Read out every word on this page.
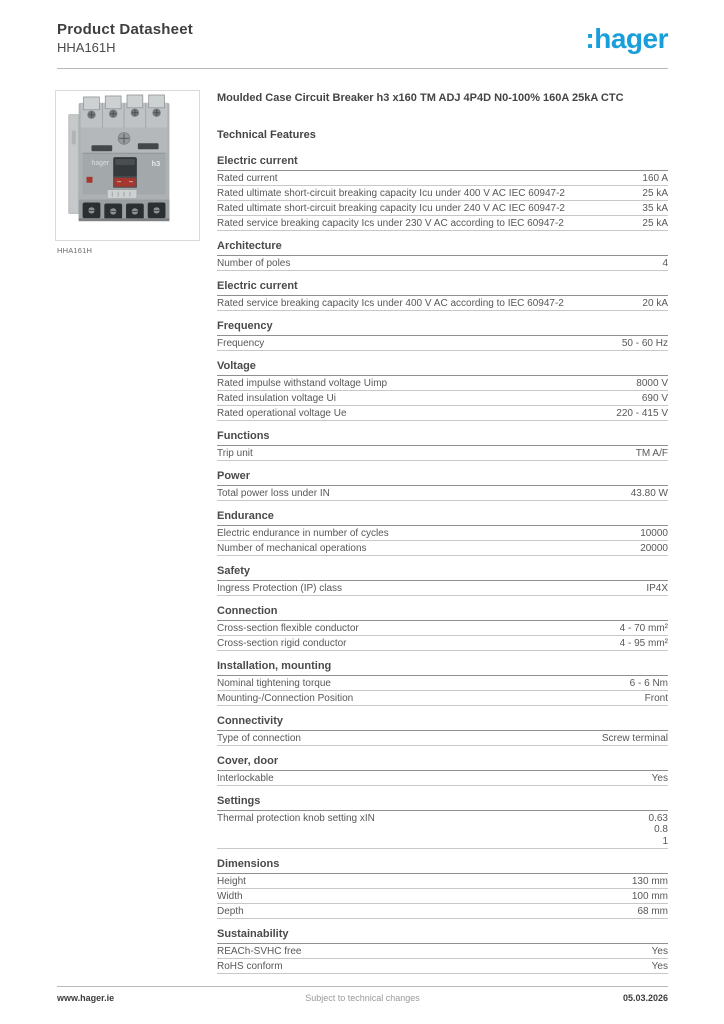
Product Datasheet
HHA161H	:hager
hager	h3
HHA161H
Moulded Case Circuit Breaker h3 x160 TM ADJ 4P4D N0-100% 160A 25kA CTC
Technical Features
Electric current
Rated current	160 A
Rated ultimate short-circuit breaking capacity Icu under 400 V AC IEC 60947-2	25 kA
Rated ultimate short-circuit breaking capacity Icu under 240 V AC IEC 60947-2	35 kA
Rated service breaking capacity Ics under 230 V AC according to IEC 60947-2	25 kA
Architecture
Number of poles	4
Electric current
Rated service breaking capacity Ics under 400 V AC according to IEC 60947-2	20 kA
Frequency
Frequency	50 - 60 Hz
Voltage
Rated impulse withstand voltage Uimp	8000 V
Rated insulation voltage Ui	690 V
Rated operational voltage Ue	220 - 415 V
Functions
Trip unit	TM A/F
Power
Total power loss under IN	43.80 W
Endurance
Electric endurance in number of cycles	10000
Number of mechanical operations	20000
Safety
Ingress Protection (IP) class	IP4X
Connection
Cross-section flexible conductor	4 - 70 mm²
Cross-section rigid conductor	4 - 95 mm²
Installation, mounting
Nominal tightening torque	6 - 6 Nm
Mounting-/Connection Position	Front
Connectivity
Type of connection	Screw terminal
Cover, door
Interlockable	Yes
Settings
Thermal protection knob setting xIN	0.63
0.8
1
Dimensions
Height	130 mm
Width	100 mm
Depth	68 mm
Sustainability
REACh-SVHC free	Yes
RoHS conform	Yes
www.hager.ie	Subject to technical changes	05.03.2026
